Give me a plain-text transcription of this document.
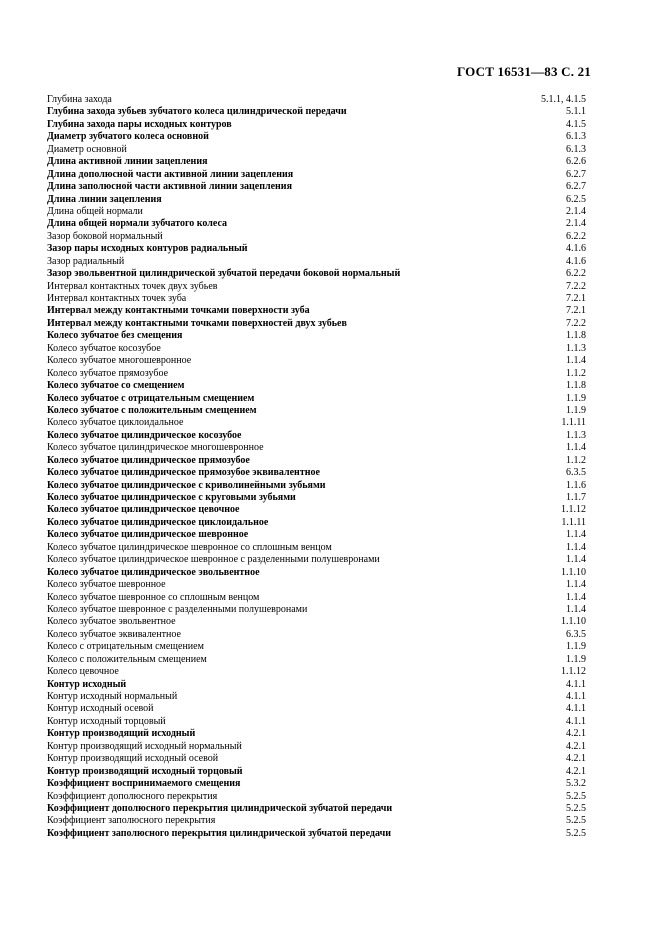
ГОСТ 16531—83 С. 21
Глубина захода	5.1.1, 4.1.5
Глубина захода зубьев зубчатого колеса цилиндрической передачи	5.1.1
Глубина захода пары исходных контуров	4.1.5
Диаметр зубчатого колеса основной	6.1.3
Диаметр основной	6.1.3
Длина активной линии зацепления	6.2.6
Длина дополюсной части активной линии зацепления	6.2.7
Длина заполюсной части активной линии зацепления	6.2.7
Длина линии зацепления	6.2.5
Длина общей нормали	2.1.4
Длина общей нормали зубчатого колеса	2.1.4
Зазор боковой нормальный	6.2.2
Зазор пары исходных контуров радиальный	4.1.6
Зазор радиальный	4.1.6
Зазор эвольвентной цилиндрической зубчатой передачи боковой нормальный	6.2.2
Интервал контактных точек двух зубьев	7.2.2
Интервал контактных точек зуба	7.2.1
Интервал между контактными точками поверхности зуба	7.2.1
Интервал между контактными точками поверхностей двух зубьев	7.2.2
Колесо зубчатое без смещения	1.1.8
Колесо зубчатое косозубое	1.1.3
Колесо зубчатое многошевронное	1.1.4
Колесо зубчатое прямозубое	1.1.2
Колесо зубчатое со смещением	1.1.8
Колесо зубчатое с отрицательным смещением	1.1.9
Колесо зубчатое с положительным смещением	1.1.9
Колесо зубчатое циклоидальное	1.1.11
Колесо зубчатое цилиндрическое косозубое	1.1.3
Колесо зубчатое цилиндрическое многошевронное	1.1.4
Колесо зубчатое цилиндрическое прямозубое	1.1.2
Колесо зубчатое цилиндрическое прямозубое эквивалентное	6.3.5
Колесо зубчатое цилиндрическое с криволинейными зубьями	1.1.6
Колесо зубчатое цилиндрическое с круговыми зубьями	1.1.7
Колесо зубчатое цилиндрическое цевочное	1.1.12
Колесо зубчатое цилиндрическое циклоидальное	1.1.11
Колесо зубчатое цилиндрическое шевронное	1.1.4
Колесо зубчатое цилиндрическое шевронное со сплошным венцом	1.1.4
Колесо зубчатое цилиндрическое шевронное с разделенными полушевронами	1.1.4
Колесо зубчатое цилиндрическое эвольвентное	1.1.10
Колесо зубчатое шевронное	1.1.4
Колесо зубчатое шевронное со сплошным венцом	1.1.4
Колесо зубчатое шевронное с разделенными полушевронами	1.1.4
Колесо зубчатое эвольвентное	1.1.10
Колесо зубчатое эквивалентное	6.3.5
Колесо с отрицательным смещением	1.1.9
Колесо с положительным смещением	1.1.9
Колесо цевочное	1.1.12
Контур исходный	4.1.1
Контур исходный нормальный	4.1.1
Контур исходный осевой	4.1.1
Контур исходный торцовый	4.1.1
Контур производящий исходный	4.2.1
Контур производящий исходный нормальный	4.2.1
Контур производящий исходный осевой	4.2.1
Контур производящий исходный торцовый	4.2.1
Коэффициент воспринимаемого смещения	5.3.2
Коэффициент дополюсного перекрытия	5.2.5
Коэффициент дополюсного перекрытия цилиндрической зубчатой передачи	5.2.5
Коэффициент заполюсного перекрытия	5.2.5
Коэффициент заполюсного перекрытия цилиндрической зубчатой передачи	5.2.5
